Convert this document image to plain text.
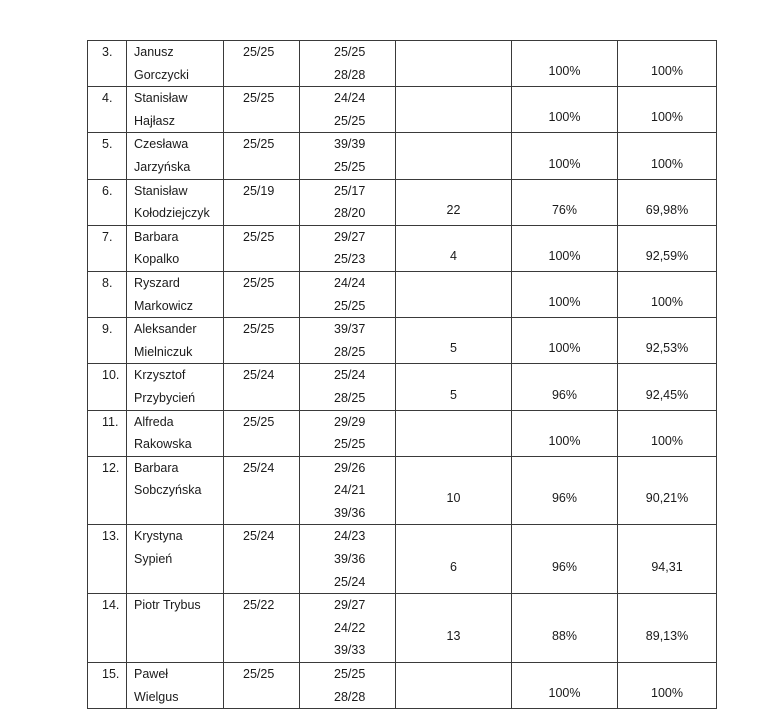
3.	Janusz
Gorczycki	25/25	25/25
28/28		100%	100%

4.	Stanisław
Hajłasz	25/25	24/24
25/25		100%	100%

5.	Czesława
Jarzyńska	25/25	39/39
25/25		100%	100%

6.	Stanisław
Kołodziejczyk	25/19	25/17
28/20	22	76%	69,98%

7.	Barbara
Kopalko	25/25	29/27
25/23	4	100%	92,59%

8.	Ryszard
Markowicz	25/25	24/24
25/25		100%	100%

9.	Aleksander
Mielniczuk	25/25	39/37
28/25	5	100%	92,53%

10.	Krzysztof
Przybycień	25/24	25/24
28/25	5	96%	92,45%

11.	Alfreda
Rakowska	25/25	29/29
25/25		100%	100%

12.	Barbara
Sobczyńska	25/24	29/26
24/21
39/36	10	96%	90,21%

13.	Krystyna
Sypień	25/24	24/23
39/36
25/24	6	96%	94,31

14.	Piotr Trybus	25/22	29/27
24/22
39/33	13	88%	89,13%

15.	Paweł
Wielgus	25/25	25/25
28/28		100%	100%
